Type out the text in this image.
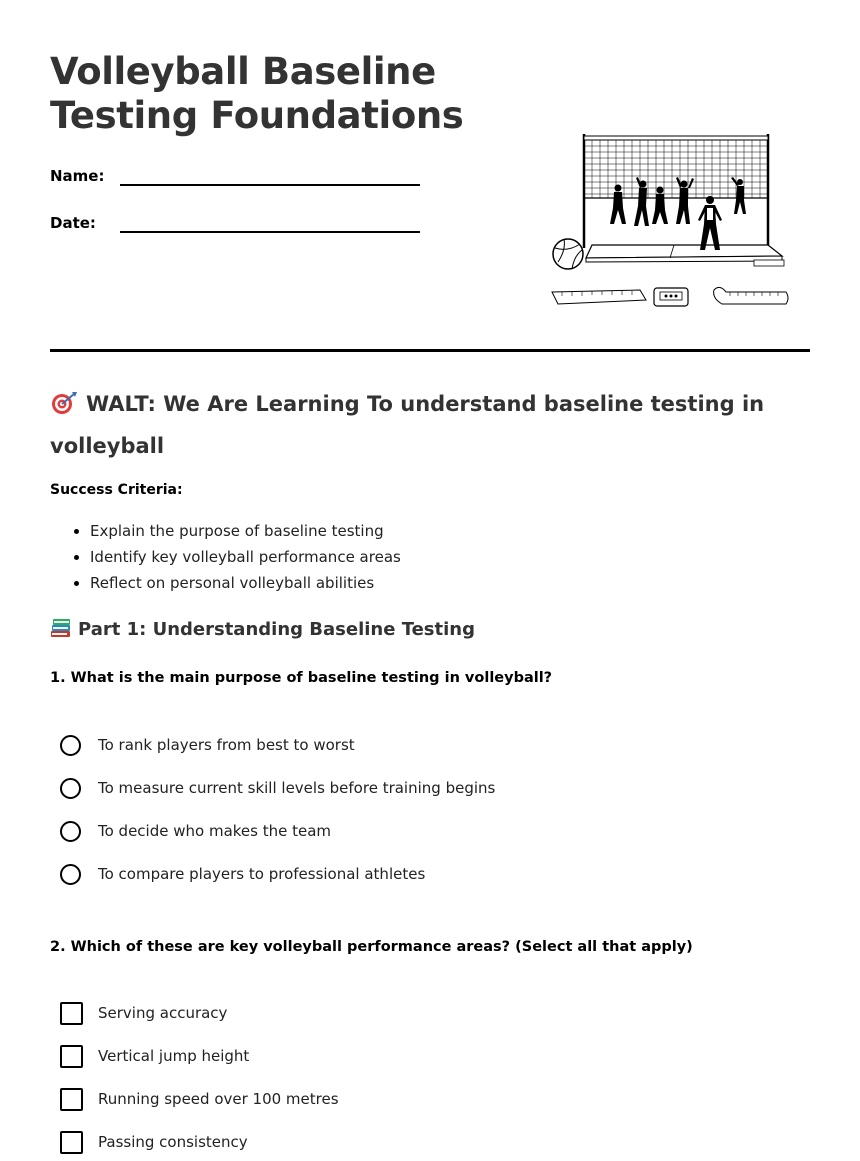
Volleyball Baseline
Testing Foundations
Name:
Date:
WALT: We Are Learning To understand baseline testing in volleyball
Success Criteria:
Explain the purpose of baseline testing
Identify key volleyball performance areas
Reflect on personal volleyball abilities
Part 1: Understanding Baseline Testing

1. What is the main purpose of baseline testing in volleyball?

To rank players from best to worst
To measure current skill levels before training begins
To decide who makes the team
To compare players to professional athletes

2. Which of these are key volleyball performance areas? (Select all that apply)

Serving accuracy
Vertical jump height
Running speed over 100 metres
Passing consistency
